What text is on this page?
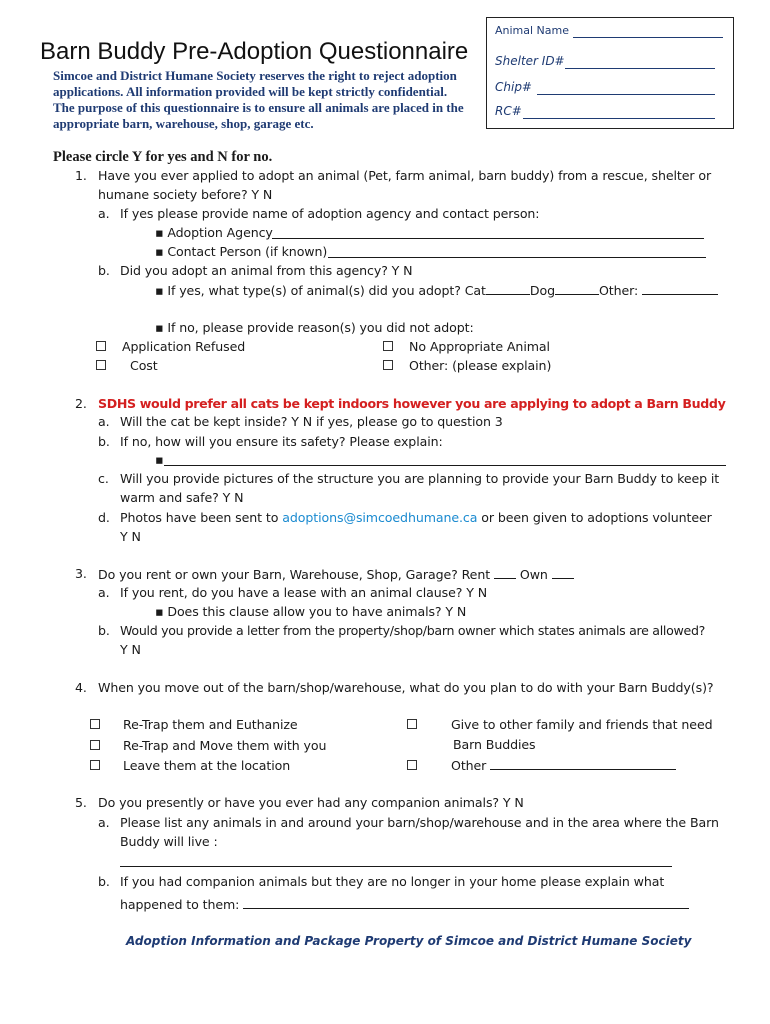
Animal Name
Shelter ID#
Chip#
RC#
Barn Buddy Pre-Adoption Questionnaire
Simcoe and District Humane Society reserves the right to reject adoption
applications. All information provided will be kept strictly confidential.
The purpose of this questionnaire is to ensure all animals are placed in the
appropriate barn, warehouse, shop, garage etc.
Please circle Y for yes and N for no.
1. Have you ever applied to adopt an animal (Pet, farm animal, barn buddy) from a rescue, shelter or
humane society before? Y N
a. If yes please provide name of adoption agency and contact person:
▪ Adoption Agency
▪ Contact Person (if known)
b. Did you adopt an animal from this agency? Y N
▪ If yes, what type(s) of animal(s) did you adopt? Cat	Dog	Other:
▪ If no, please provide reason(s) you did not adopt:
Application Refused
Cost
No Appropriate Animal
Other: (please explain)
2. SDHS would prefer all cats be kept indoors however you are applying to adopt a Barn Buddy
a. Will the cat be kept inside? Y N if yes, please go to question 3
b. If no, how will you ensure its safety? Please explain:
▪
c. Will you provide pictures of the structure you are planning to provide your Barn Buddy to keep it
warm and safe? Y N
d. Photos have been sent to adoptions@simcoedhumane.ca or been given to adoptions volunteer
Y N
3. Do you rent or own your Barn, Warehouse, Shop, Garage? Rent Own
a. If you rent, do you have a lease with an animal clause? Y N
▪ Does this clause allow you to have animals? Y N
b. Would you provide a letter from the property/shop/barn owner which states animals are allowed?
Y N
4. When you move out of the barn/shop/warehouse, what do you plan to do with your Barn Buddy(s)?
Re-Trap them and Euthanize
Re-Trap and Move them with you
Leave them at the location
Give to other family and friends that need
Barn Buddies
Other
5. Do you presently or have you ever had any companion animals? Y N
a. Please list any animals in and around your barn/shop/warehouse and in the area where the Barn
Buddy will live :
b. If you had companion animals but they are no longer in your home please explain what
happened to them:
Adoption Information and Package Property of Simcoe and District Humane Society
